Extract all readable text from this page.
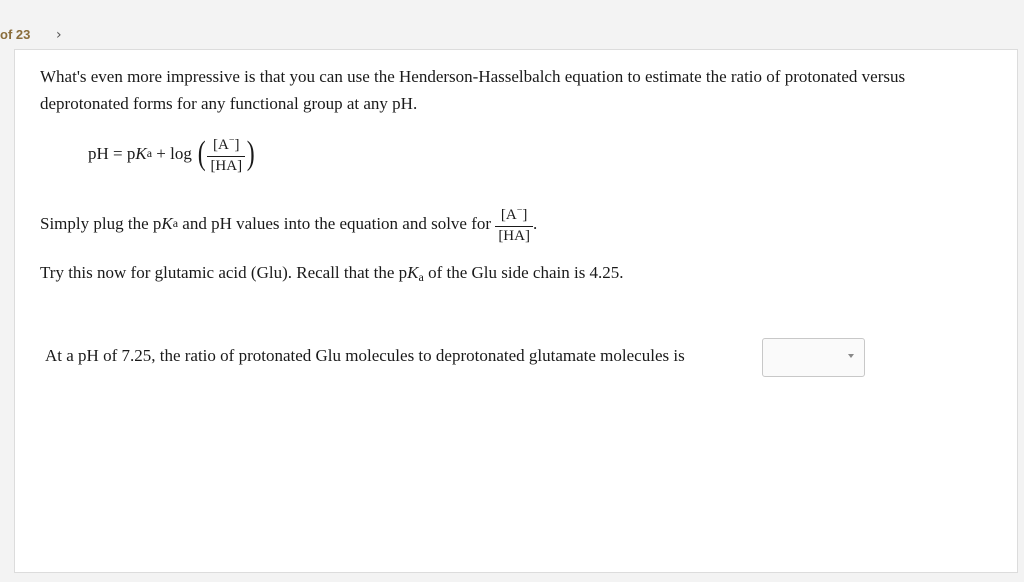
of 23 ›

What's even more impressive is that you can use the Henderson-Hasselbalch equation to estimate the ratio of protonated versus deprotonated forms for any functional group at any pH.

pH = p K a + log ( $\frac{[A^-]}{[HA]}$ )
Simply plug the p K a and pH values into the equation and solve for $\frac{[A^-]}{[HA]}$ .
Try this now for glutamic acid (Glu). Recall that the $pK_a$ of the Glu side chain is 4.25.
At a pH of 7.25, the ratio of protonated Glu molecules to deprotonated glutamate molecules is
